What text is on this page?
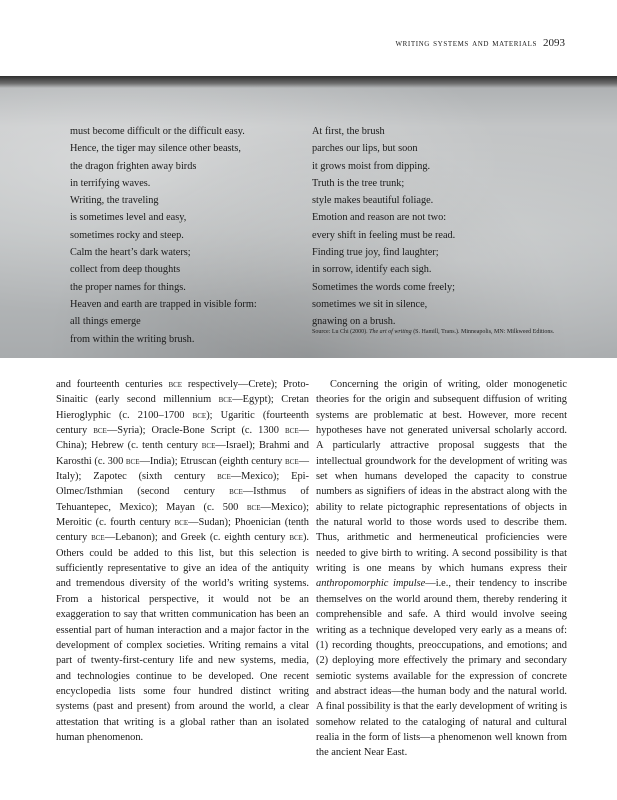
writing systems and materials 2093
must become difficult or the difficult easy.
Hence, the tiger may silence other beasts,
the dragon frighten away birds
in terrifying waves.
Writing, the traveling
is sometimes level and easy,
sometimes rocky and steep.
Calm the heart’s dark waters;
collect from deep thoughts
the proper names for things.
Heaven and earth are trapped in visible form:
all things emerge
from within the writing brush.
At first, the brush
parches our lips, but soon
it grows moist from dipping.
Truth is the tree trunk;
style makes beautiful foliage.
Emotion and reason are not two:
every shift in feeling must be read.
Finding true joy, find laughter;
in sorrow, identify each sigh.
Sometimes the words come freely;
sometimes we sit in silence,
gnawing on a brush.
Source: Lu Chi (2000). The art of writing (S. Hamill, Trans.). Minneapolis, MN: Milkweed Editions.

and fourteenth centuries bce respectively—Crete); Proto-Sinaitic (early second millennium bce—Egypt); Cretan Hieroglyphic (c. 2100–1700 bce); Ugaritic (fourteenth century bce—Syria); Oracle-Bone Script (c. 1300 bce—China); Hebrew (c. tenth century bce—Israel); Brahmi and Karosthi (c. 300 bce—India); Etruscan (eighth century bce—Italy); Zapotec (sixth century bce—Mexico); Epi-Olmec/Isthmian (second century bce—Isthmus of Tehuantepec, Mexico); Mayan (c. 500 bce—Mexico); Meroitic (c. fourth century bce—Sudan); Phoenician (tenth century bce—Lebanon); and Greek (c. eighth century bce). Others could be added to this list, but this selection is sufficiently representative to give an idea of the antiquity and tremendous diversity of the world’s writing systems. From a historical perspective, it would not be an exaggeration to say that written communication has been an essential part of human interaction and a major factor in the development of complex societies. Writing remains a vital part of twenty-first-century life and new systems, media, and technologies continue to be developed. One recent encyclopedia lists some four hundred distinct writing systems (past and present) from around the world, a clear attestation that writing is a global rather than an isolated human phenomenon.

Concerning the origin of writing, older monogenetic theories for the origin and subsequent diffusion of writing systems are problematic at best. However, more recent hypotheses have not generated universal scholarly accord. A particularly attractive proposal suggests that the intellectual groundwork for the development of writing was set when humans developed the capacity to construe numbers as signifiers of ideas in the abstract along with the ability to relate pictographic representations of objects in the natural world to those words used to describe them. Thus, arithmetic and hermeneutical proficiencies were needed to give birth to writing. A second possibility is that writing is one means by which humans express their anthropomorphic impulse—i.e., their tendency to inscribe themselves on the world around them, thereby rendering it comprehensible and safe. A third would involve seeing writing as a technique developed very early as a means of: (1) recording thoughts, preoccupations, and emotions; and (2) deploying more effectively the primary and secondary semiotic systems available for the expression of concrete and abstract ideas—the human body and the natural world. A final possibility is that the early development of writing is somehow related to the cataloging of natural and cultural realia in the form of lists—a phenomenon well known from the ancient Near East.
